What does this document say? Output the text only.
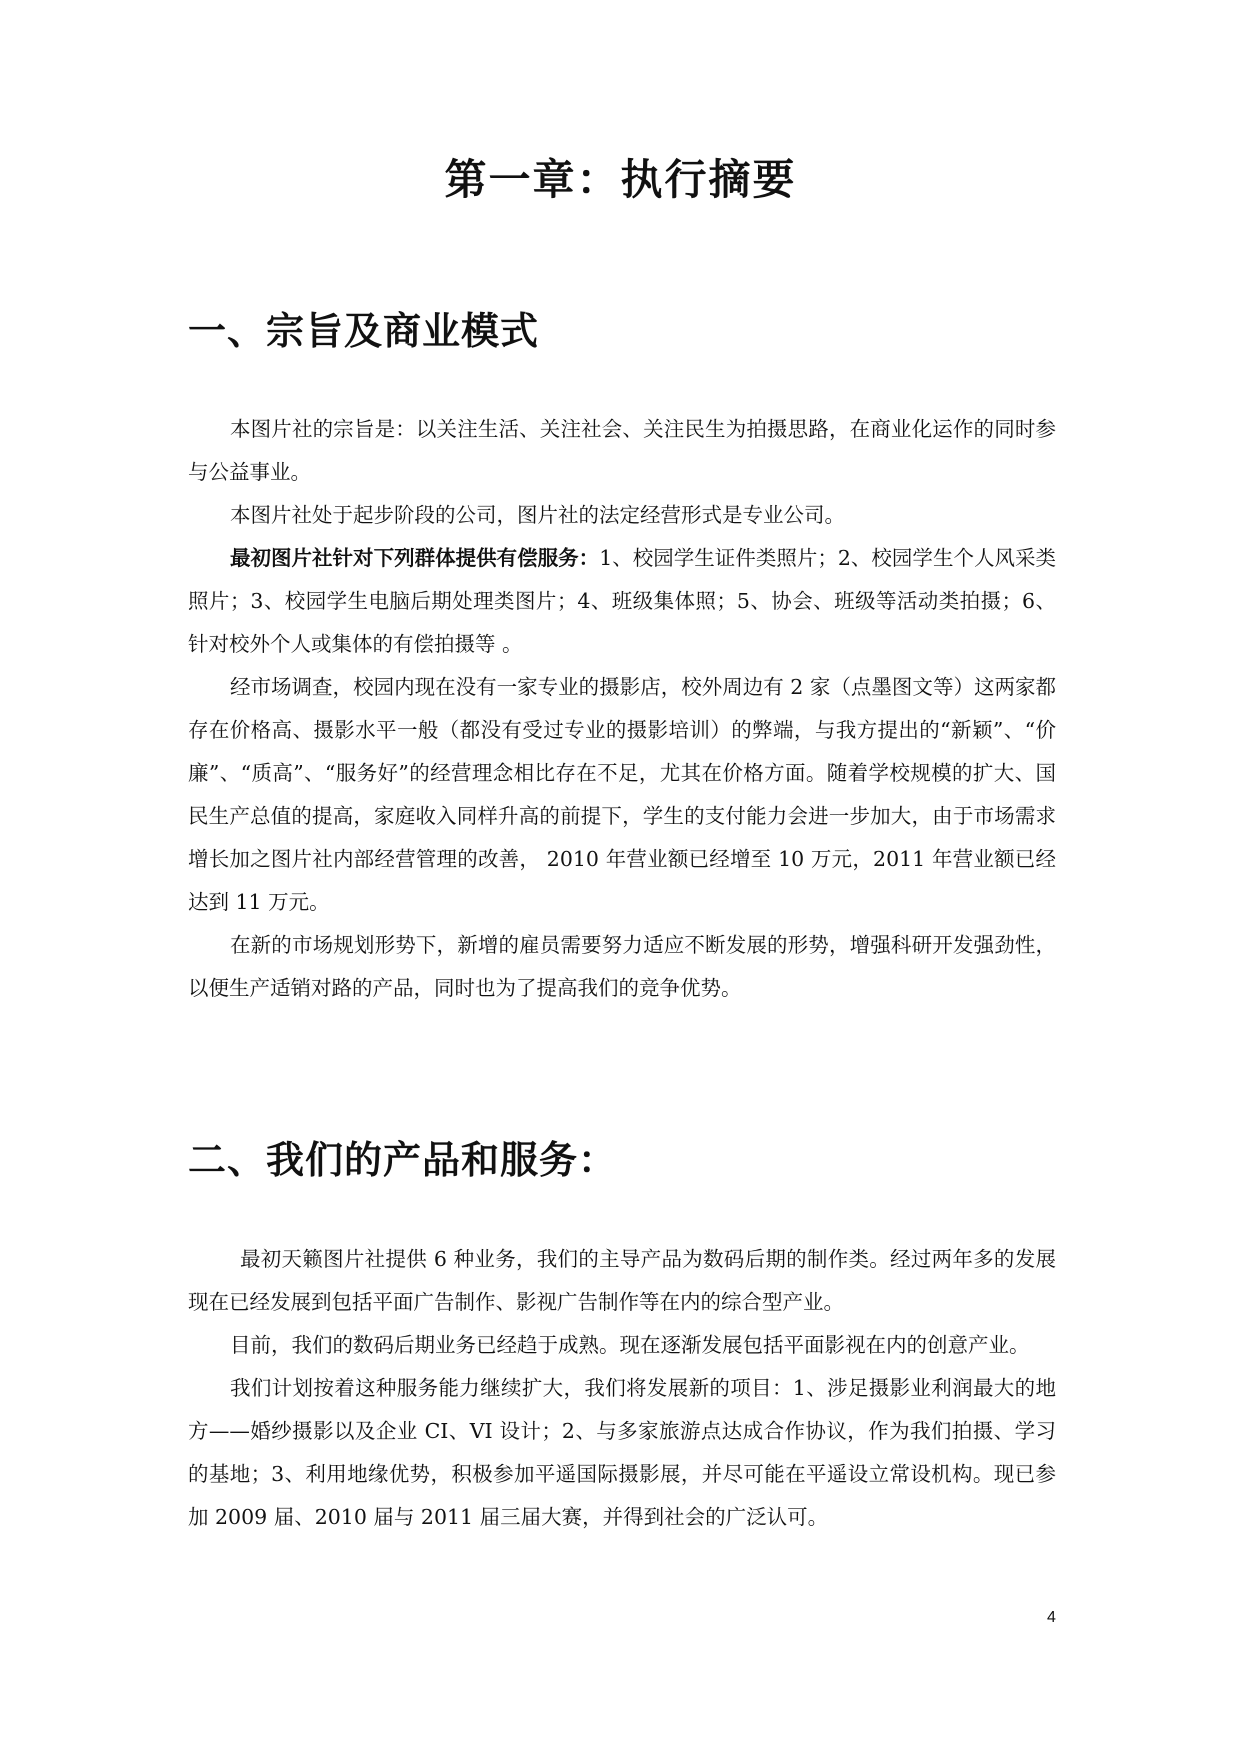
第一章：执行摘要
一、宗旨及商业模式

本图片社的宗旨是：以关注生活、关注社会、关注民生为拍摄思路，在商业化运作的同时参与公益事业。

本图片社处于起步阶段的公司，图片社的法定经营形式是专业公司。

最初图片社针对下列群体提供有偿服务：1、校园学生证件类照片；2、校园学生个人风采类照片；3、校园学生电脑后期处理类图片；4、班级集体照；5、协会、班级等活动类拍摄；6、针对校外个人或集体的有偿拍摄等 。

经市场调查，校园内现在没有一家专业的摄影店，校外周边有 2 家（点墨图文等）这两家都存在价格高、摄影水平一般（都没有受过专业的摄影培训）的弊端，与我方提出的“新颖”、“价廉”、“质高”、“服务好”的经营理念相比存在不足，尤其在价格方面。随着学校规模的扩大、国民生产总值的提高，家庭收入同样升高的前提下，学生的支付能力会进一步加大，由于市场需求增长加之图片社内部经营管理的改善， 2010 年营业额已经增至 10 万元，2011 年营业额已经达到 11 万元。

在新的市场规划形势下，新增的雇员需要努力适应不断发展的形势，增强科研开发强劲性，以便生产适销对路的产品，同时也为了提高我们的竞争优势。

二、我们的产品和服务：

最初天籁图片社提供 6 种业务，我们的主导产品为数码后期的制作类。经过两年多的发展现在已经发展到包括平面广告制作、影视广告制作等在内的综合型产业。

目前，我们的数码后期业务已经趋于成熟。现在逐渐发展包括平面影视在内的创意产业。

我们计划按着这种服务能力继续扩大，我们将发展新的项目：1、涉足摄影业利润最大的地方——婚纱摄影以及企业 CI、VI 设计；2、与多家旅游点达成合作协议，作为我们拍摄、学习的基地；3、利用地缘优势，积极参加平遥国际摄影展，并尽可能在平遥设立常设机构。现已参加 2009 届、2010 届与 2011 届三届大赛，并得到社会的广泛认可。

4
